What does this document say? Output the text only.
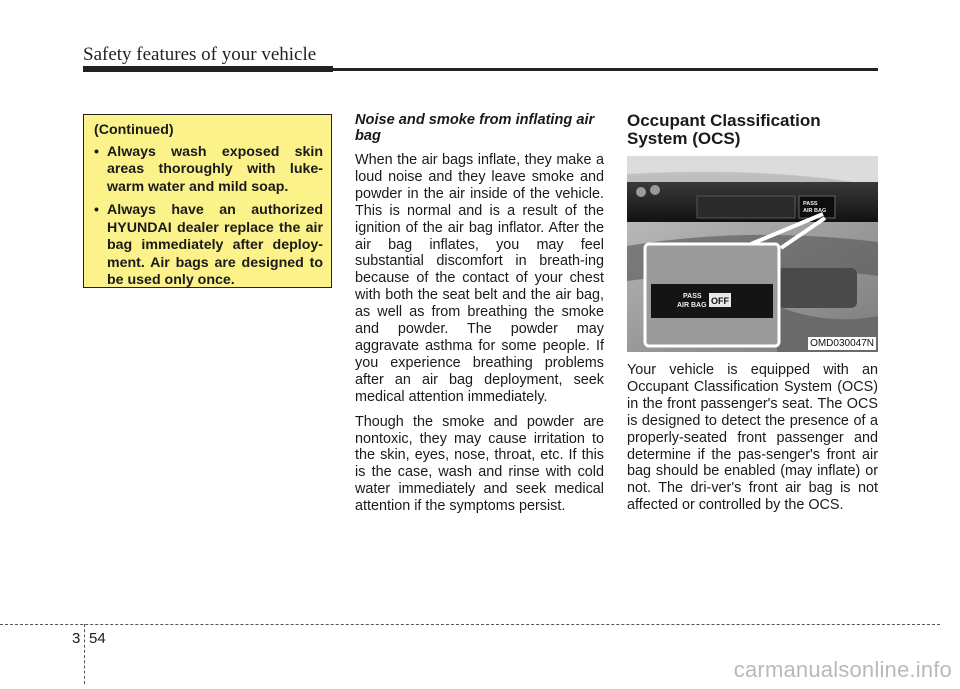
Safety features of your vehicle
(Continued)
• Always wash exposed skin areas thoroughly with luke-warm water and mild soap.
• Always have an authorized HYUNDAI dealer replace the air bag immediately after deploy-ment. Air bags are designed to be used only once.
Noise and smoke from inflating air bag
When the air bags inflate, they make a loud noise and they leave smoke and powder in the air inside of the vehicle. This is normal and is a result of the ignition of the air bag inflator. After the air bag inflates, you may feel substantial discomfort in breath-ing because of the contact of your chest with both the seat belt and the air bag, as well as from breathing the smoke and powder. The powder may aggravate asthma for some people. If you experience breathing problems after an air bag deployment, seek medical attention immediately.
Though the smoke and powder are nontoxic, they may cause irritation to the skin, eyes, nose, throat, etc. If this is the case, wash and rinse with cold water immediately and seek medical attention if the symptoms persist.
Occupant Classification
System (OCS)
PASS
AIR BAG
PASS
AIR BAG OFF
OMD030047N
Your vehicle is equipped with an Occupant Classification System (OCS) in the front passenger's seat. The OCS is designed to detect the presence of a properly-seated front passenger and determine if the pas-senger's front air bag should be enabled (may inflate) or not. The dri-ver's front air bag is not affected or controlled by the OCS.
3 54
carmanualsonline.info
